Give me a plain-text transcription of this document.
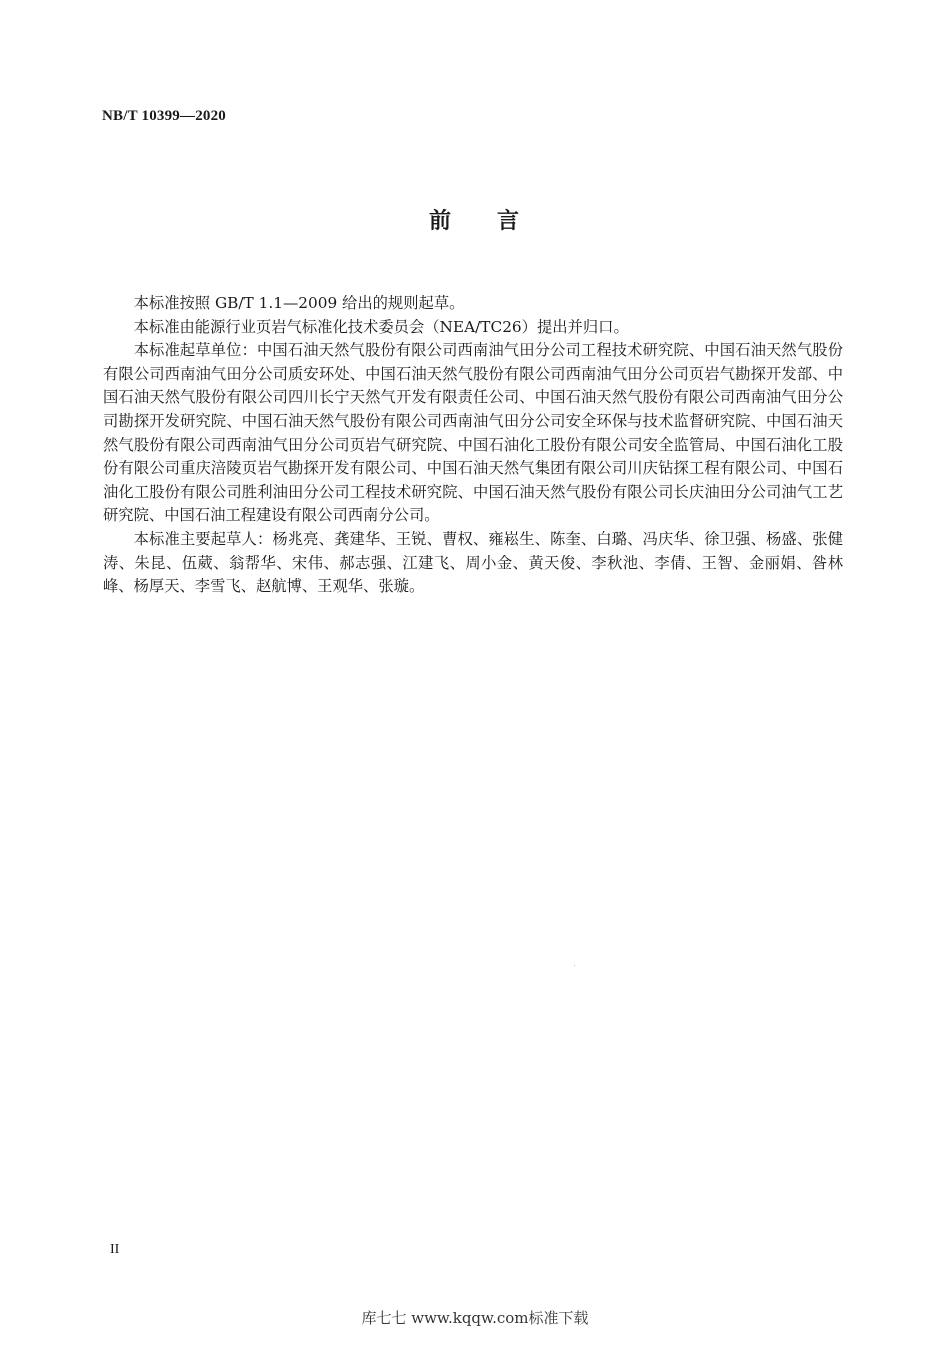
NB/T 10399—2020
前 言

本标准按照 GB/T 1.1—2009 给出的规则起草。

本标准由能源行业页岩气标准化技术委员会（NEA/TC26）提出并归口。

本标准起草单位：中国石油天然气股份有限公司西南油气田分公司工程技术研究院、中国石油天然气股份有限公司西南油气田分公司质安环处、中国石油天然气股份有限公司西南油气田分公司页岩气勘探开发部、中国石油天然气股份有限公司四川长宁天然气开发有限责任公司、中国石油天然气股份有限公司西南油气田分公司勘探开发研究院、中国石油天然气股份有限公司西南油气田分公司安全环保与技术监督研究院、中国石油天然气股份有限公司西南油气田分公司页岩气研究院、中国石油化工股份有限公司安全监管局、中国石油化工股份有限公司重庆涪陵页岩气勘探开发有限公司、中国石油天然气集团有限公司川庆钻探工程有限公司、中国石油化工股份有限公司胜利油田分公司工程技术研究院、中国石油天然气股份有限公司长庆油田分公司油气工艺研究院、中国石油工程建设有限公司西南分公司。

本标准主要起草人：杨兆亮、龚建华、王锐、曹权、雍崧生、陈奎、白璐、冯庆华、徐卫强、杨盛、张健涛、朱昆、伍葳、翁帮华、宋伟、郝志强、江建飞、周小金、黄天俊、李秋池、李倩、王智、金丽娟、昝林峰、杨厚天、李雪飞、赵航博、王观华、张璇。

II
库七七 www.kqqw.com标准下载
